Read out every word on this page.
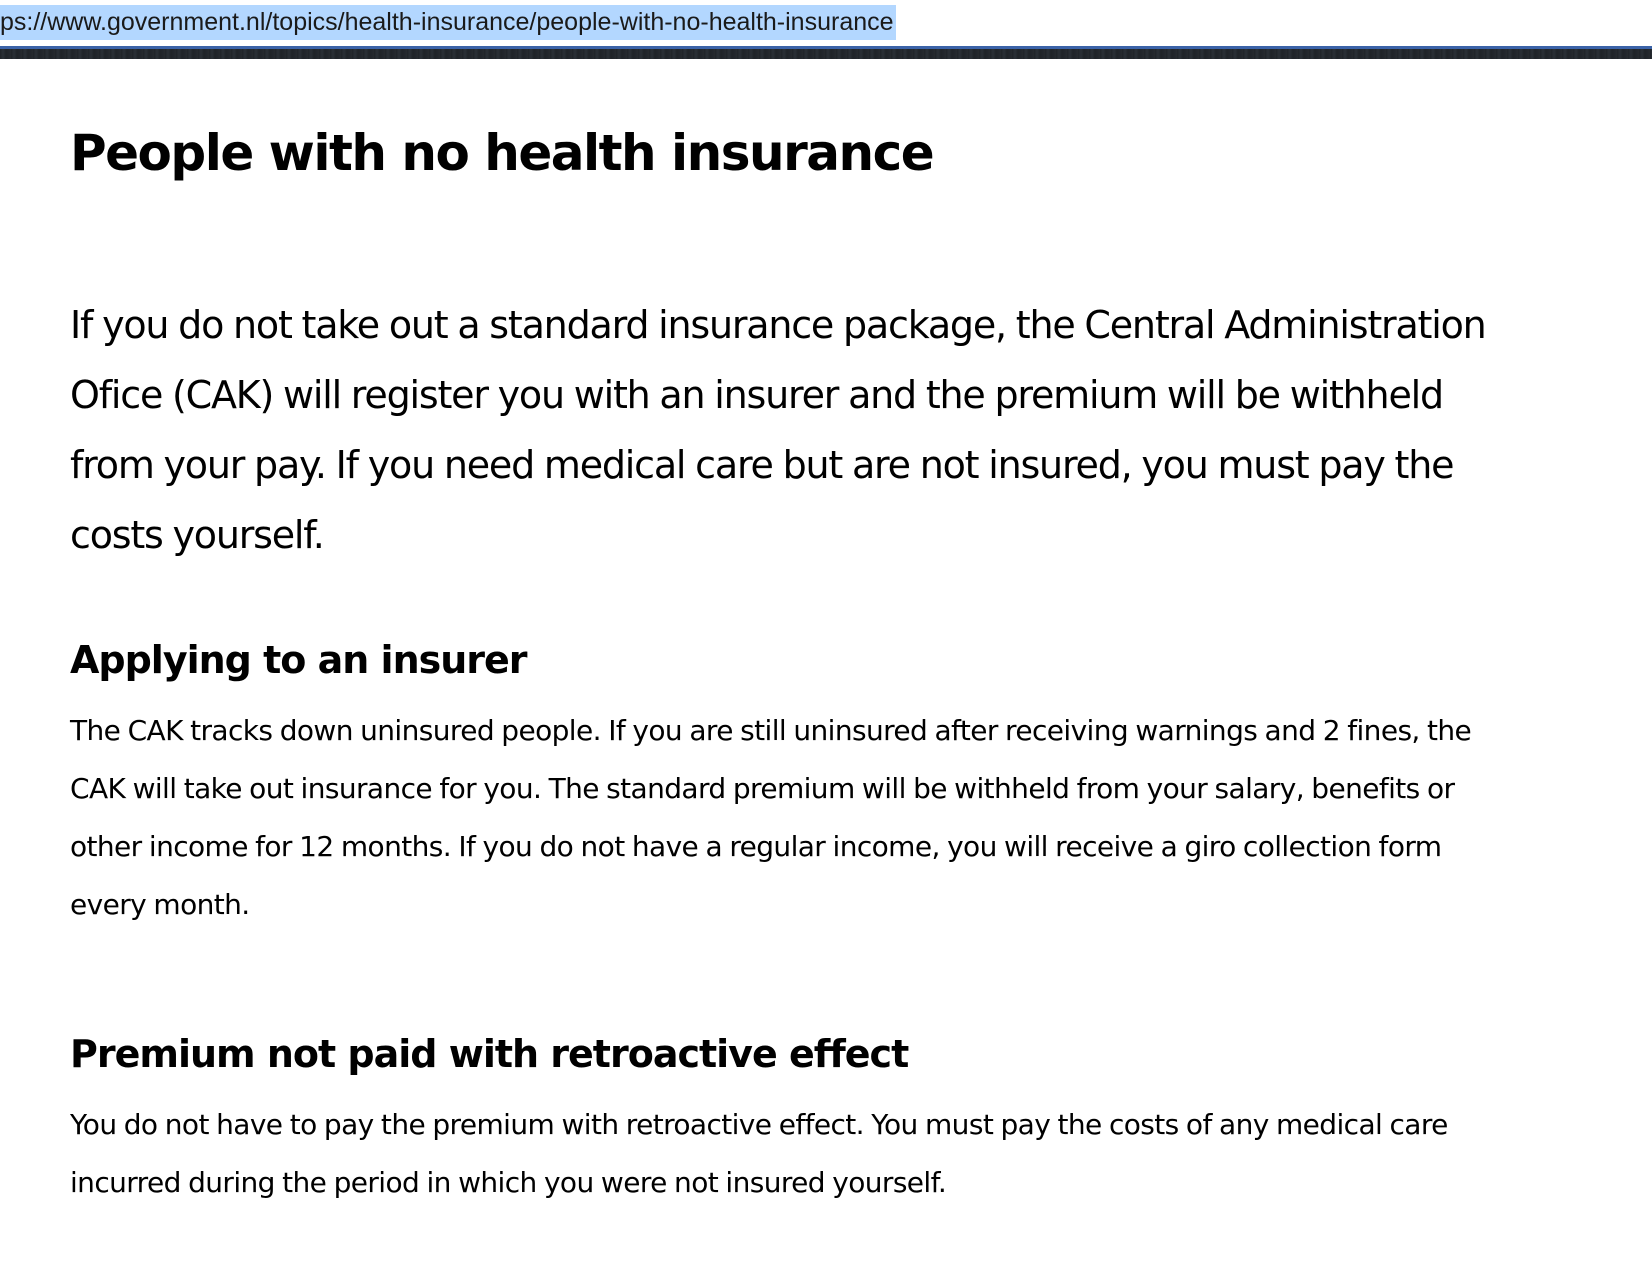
ps://www.government.nl/topics/health-insurance/people-with-no-health-insurance
People with no health insurance

If you do not take out a standard insurance package, the Central Administration
Ofice (CAK) will register you with an insurer and the premium will be withheld
from your pay. If you need medical care but are not insured, you must pay the
costs yourself.

Applying to an insurer

The CAK tracks down uninsured people. If you are still uninsured after receiving warnings and 2 fines, the
CAK will take out insurance for you. The standard premium will be withheld from your salary, benefits or
other income for 12 months. If you do not have a regular income, you will receive a giro collection form
every month.

Premium not paid with retroactive effect

You do not have to pay the premium with retroactive effect. You must pay the costs of any medical care
incurred during the period in which you were not insured yourself.
